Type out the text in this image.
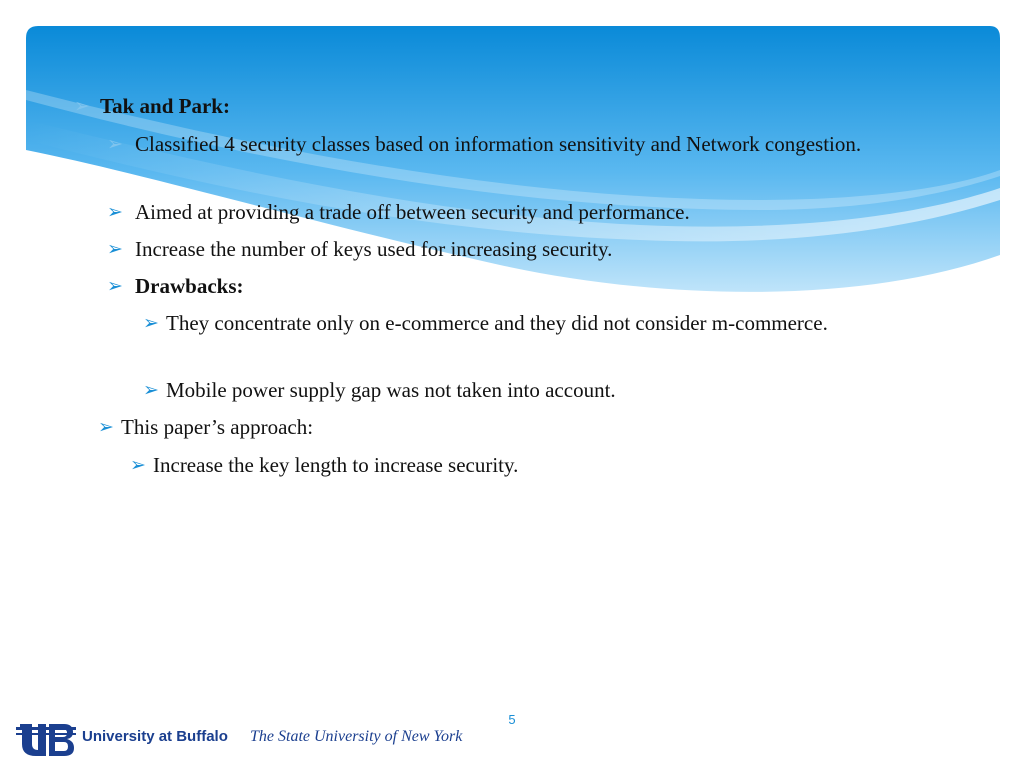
➢ Tak and Park:
➢ Classified 4 security classes based on information sensitivity and Network congestion.
➢ Aimed at providing a trade off between security and performance.
➢ Increase the number of keys used for increasing security.
➢ Drawbacks:
➢ They concentrate only on e-commerce and they did not consider m-commerce.
➢ Mobile power supply gap was not taken into account.
➢ This paper’s approach:
➢ Increase the key length to increase security.
5
University at Buffalo The State University of New York
